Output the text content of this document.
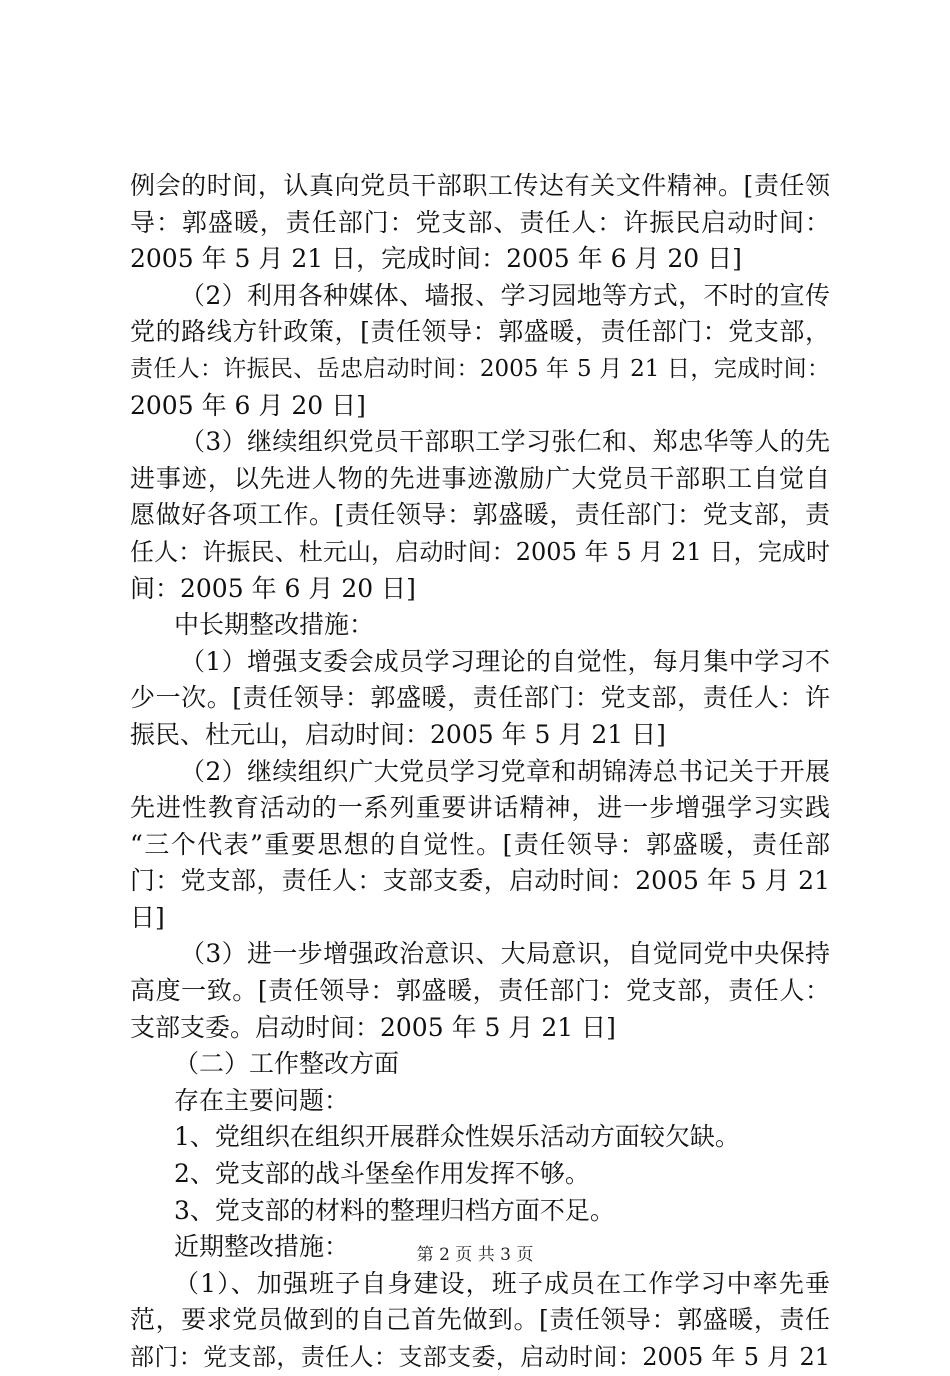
例会的时间，认真向党员干部职工传达有关文件精神。[责任领
导：郭盛暖，责任部门：党支部、责任人：许振民启动时间：
2005 年 5 月 21 日，完成时间：2005 年 6 月 20 日]
（2）利用各种媒体、墙报、学习园地等方式，不时的宣传
党的路线方针政策，[责任领导：郭盛暖，责任部门：党支部，
责任人：许振民、岳忠启动时间：2005 年 5 月 21 日，完成时间：
2005 年 6 月 20 日]
（3）继续组织党员干部职工学习张仁和、郑忠华等人的先
进事迹，以先进人物的先进事迹激励广大党员干部职工自觉自
愿做好各项工作。[责任领导：郭盛暖，责任部门：党支部，责
任人：许振民、杜元山，启动时间：2005 年 5 月 21 日，完成时
间：2005 年 6 月 20 日]
中长期整改措施：
（1）增强支委会成员学习理论的自觉性，每月集中学习不
少一次。[责任领导：郭盛暖，责任部门：党支部，责任人：许
振民、杜元山，启动时间：2005 年 5 月 21 日]
（2）继续组织广大党员学习党章和胡锦涛总书记关于开展
先进性教育活动的一系列重要讲话精神，进一步增强学习实践
“三个代表”重要思想的自觉性。[责任领导：郭盛暖，责任部
门：党支部，责任人：支部支委，启动时间：2005 年 5 月 21
日]
（3）进一步增强政治意识、大局意识，自觉同党中央保持
高度一致。[责任领导：郭盛暖，责任部门：党支部，责任人：
支部支委。启动时间：2005 年 5 月 21 日]
（二）工作整改方面
存在主要问题：
1、党组织在组织开展群众性娱乐活动方面较欠缺。
2、党支部的战斗堡垒作用发挥不够。
3、党支部的材料的整理归档方面不足。
近期整改措施：
（1）、加强班子自身建设，班子成员在工作学习中率先垂
范，要求党员做到的自己首先做到。[责任领导：郭盛暖，责任
部门：党支部，责任人：支部支委，启动时间：2005 年 5 月 21
第 2 页 共 3 页
